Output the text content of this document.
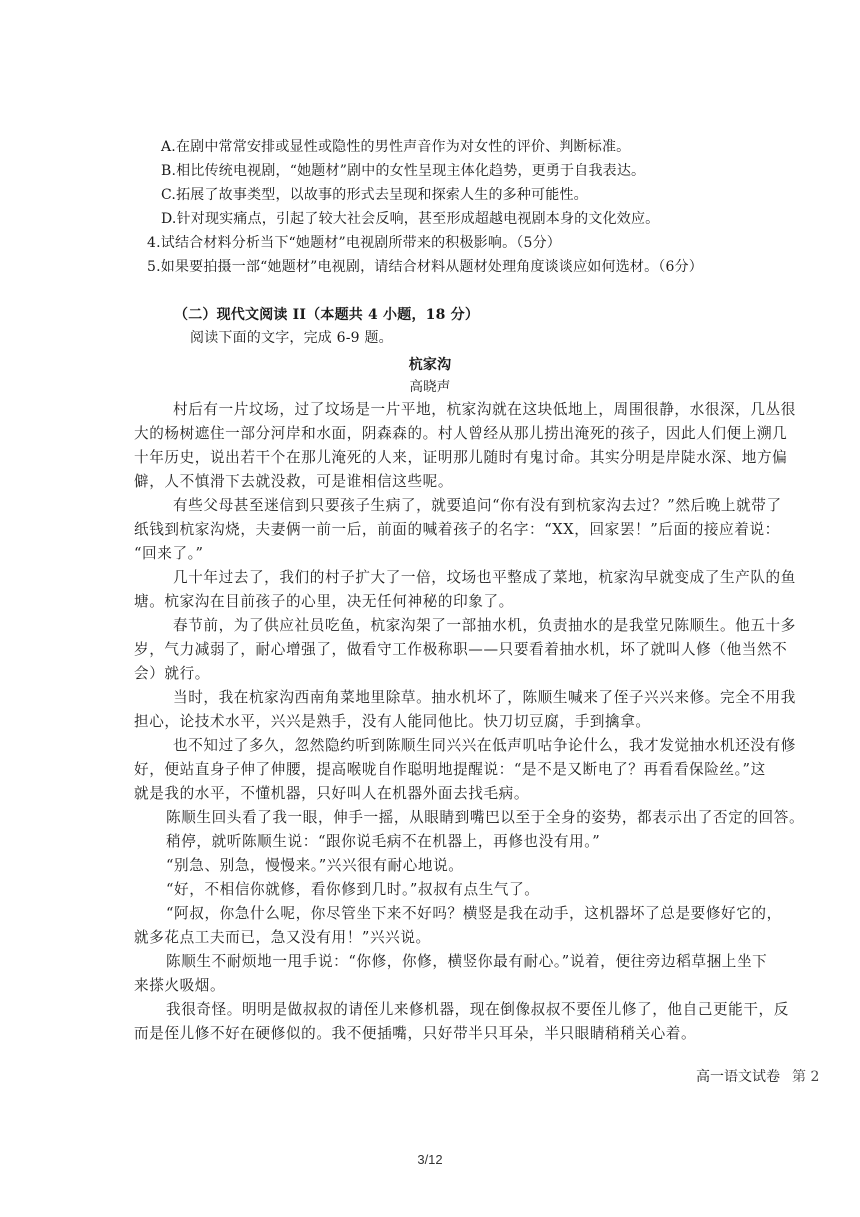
A.在剧中常常安排或显性或隐性的男性声音作为对女性的评价、判断标准。
B.相比传统电视剧，“她题材”剧中的女性呈现主体化趋势，更勇于自我表达。
C.拓展了故事类型，以故事的形式去呈现和探索人生的多种可能性。
D.针对现实痛点，引起了较大社会反响，甚至形成超越电视剧本身的文化效应。
4.试结合材料分析当下“她题材”电视剧所带来的积极影响。（5分）
5.如果要拍摄一部“她题材”电视剧，请结合材料从题材处理角度谈谈应如何选材。（6分）
（二）现代文阅读 II（本题共 4 小题，18 分）
阅读下面的文字，完成 6-9 题。
杭家沟
高晓声
村后有一片坟场，过了坟场是一片平地，杭家沟就在这块低地上，周围很静，水很深，几丛很
大的杨树遮住一部分河岸和水面，阴森森的。村人曾经从那儿捞出淹死的孩子，因此人们便上溯几
十年历史，说出若干个在那儿淹死的人来，证明那儿随时有鬼讨命。其实分明是岸陡水深、地方偏
僻，人不慎滑下去就没救，可是谁相信这些呢。
有些父母甚至迷信到只要孩子生病了，就要追问“你有没有到杭家沟去过？”然后晚上就带了
纸钱到杭家沟烧，夫妻俩一前一后，前面的喊着孩子的名字：“XX，回家罢！”后面的接应着说：
“回来了。”
几十年过去了，我们的村子扩大了一倍，坟场也平整成了菜地，杭家沟早就变成了生产队的鱼
塘。杭家沟在目前孩子的心里，决无任何神秘的印象了。
春节前，为了供应社员吃鱼，杭家沟架了一部抽水机，负责抽水的是我堂兄陈顺生。他五十多
岁，气力减弱了，耐心增强了，做看守工作极称职——只要看着抽水机，坏了就叫人修（他当然不
会）就行。
当时，我在杭家沟西南角菜地里除草。抽水机坏了，陈顺生喊来了侄子兴兴来修。完全不用我
担心，论技术水平，兴兴是熟手，没有人能同他比。快刀切豆腐，手到擒拿。
也不知过了多久，忽然隐约听到陈顺生同兴兴在低声叽咕争论什么，我才发觉抽水机还没有修
好，便站直身子伸了伸腰，提高喉咙自作聪明地提醒说：“是不是又断电了？再看看保险丝。”这
就是我的水平，不懂机器，只好叫人在机器外面去找毛病。
陈顺生回头看了我一眼，伸手一摇，从眼睛到嘴巴以至于全身的姿势，都表示出了否定的回答。
稍停，就听陈顺生说：“跟你说毛病不在机器上，再修也没有用。”
“别急、别急，慢慢来。”兴兴很有耐心地说。
“好，不相信你就修，看你修到几时。”叔叔有点生气了。
“阿叔，你急什么呢，你尽管坐下来不好吗？横竖是我在动手，这机器坏了总是要修好它的，
就多花点工夫而已，急又没有用！”兴兴说。
陈顺生不耐烦地一甩手说：“你修，你修，横竖你最有耐心。”说着，便往旁边稻草捆上坐下
来搽火吸烟。
我很奇怪。明明是做叔叔的请侄儿来修机器，现在倒像叔叔不要侄儿修了，他自己更能干，反
而是侄儿修不好在硬修似的。我不便插嘴，只好带半只耳朵，半只眼睛稍稍关心着。
高一语文试卷 第 2
3/12
